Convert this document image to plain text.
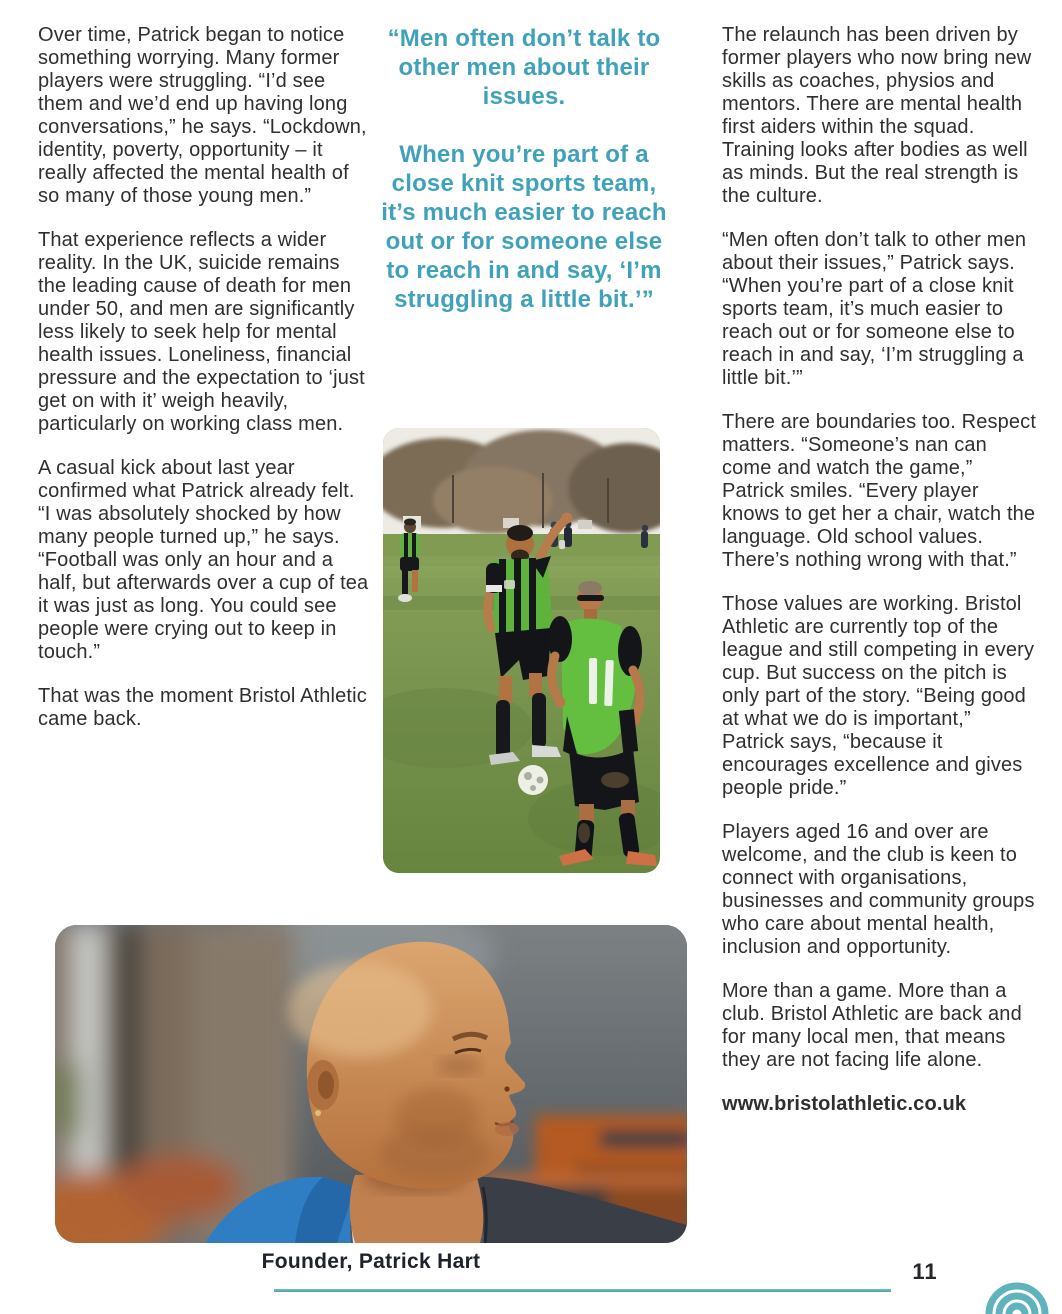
Over time, Patrick began to notice something worrying. Many former players were struggling. “I’d see them and we’d end up having long conversations,” he says. “Lockdown, identity, poverty, opportunity – it really affected the mental health of so many of those young men.”

That experience reflects a wider reality. In the UK, suicide remains the leading cause of death for men under 50, and men are significantly less likely to seek help for mental health issues. Loneliness, financial pressure and the expectation to ‘just get on with it’ weigh heavily, particularly on working class men.

A casual kick about last year confirmed what Patrick already felt. “I was absolutely shocked by how many people turned up,” he says. “Football was only an hour and a half, but afterwards over a cup of tea it was just as long. You could see people were crying out to keep in touch.”

That was the moment Bristol Athletic came back.

“Men often don’t talk to other men about their issues.

When you’re part of a close knit sports team, it’s much easier to reach out or for someone else to reach in and say, ‘I’m struggling a little bit.’”

The relaunch has been driven by former players who now bring new skills as coaches, physios and mentors. There are mental health first aiders within the squad. Training looks after bodies as well as minds. But the real strength is the culture.

“Men often don’t talk to other men about their issues,” Patrick says. “When you’re part of a close knit sports team, it’s much easier to reach out or for someone else to reach in and say, ‘I’m struggling a little bit.’”

There are boundaries too. Respect matters. “Someone’s nan can come and watch the game,” Patrick smiles. “Every player knows to get her a chair, watch the language. Old school values. There’s nothing wrong with that.”

Those values are working. Bristol Athletic are currently top of the league and still competing in every cup. But success on the pitch is only part of the story. “Being good at what we do is important,” Patrick says, “because it encourages excellence and gives people pride.”

Players aged 16 and over are welcome, and the club is keen to connect with organisations, businesses and community groups who care about mental health, inclusion and opportunity.

More than a game. More than a club. Bristol Athletic are back and for many local men, that means they are not facing life alone.

www.bristolathletic.co.uk

Founder, Patrick Hart	11
